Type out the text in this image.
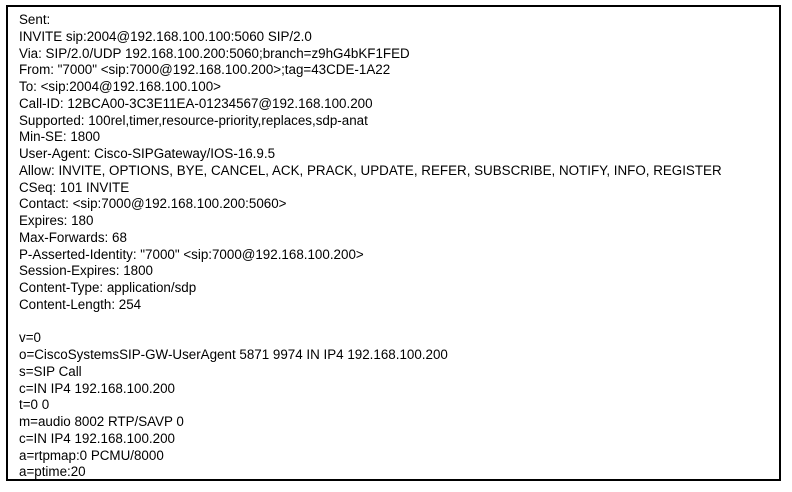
Sent:
INVITE sip:2004@192.168.100.100:5060 SIP/2.0
Via: SIP/2.0/UDP 192.168.100.200:5060;branch=z9hG4bKF1FED
From: "7000" <sip:7000@192.168.100.200>;tag=43CDE-1A22
To: <sip:2004@192.168.100.100>
Call-ID: 12BCA00-3C3E11EA-01234567@192.168.100.200
Supported: 100rel,timer,resource-priority,replaces,sdp-anat
Min-SE: 1800
User-Agent: Cisco-SIPGateway/IOS-16.9.5
Allow: INVITE, OPTIONS, BYE, CANCEL, ACK, PRACK, UPDATE, REFER, SUBSCRIBE, NOTIFY, INFO, REGISTER
CSeq: 101 INVITE
Contact: <sip:7000@192.168.100.200:5060>
Expires: 180
Max-Forwards: 68
P-Asserted-Identity: "7000" <sip:7000@192.168.100.200>
Session-Expires: 1800
Content-Type: application/sdp
Content-Length: 254
v=0
o=CiscoSystemsSIP-GW-UserAgent 5871 9974 IN IP4 192.168.100.200
s=SIP Call
c=IN IP4 192.168.100.200
t=0 0
m=audio 8002 RTP/SAVP 0
c=IN IP4 192.168.100.200
a=rtpmap:0 PCMU/8000
a=ptime:20
